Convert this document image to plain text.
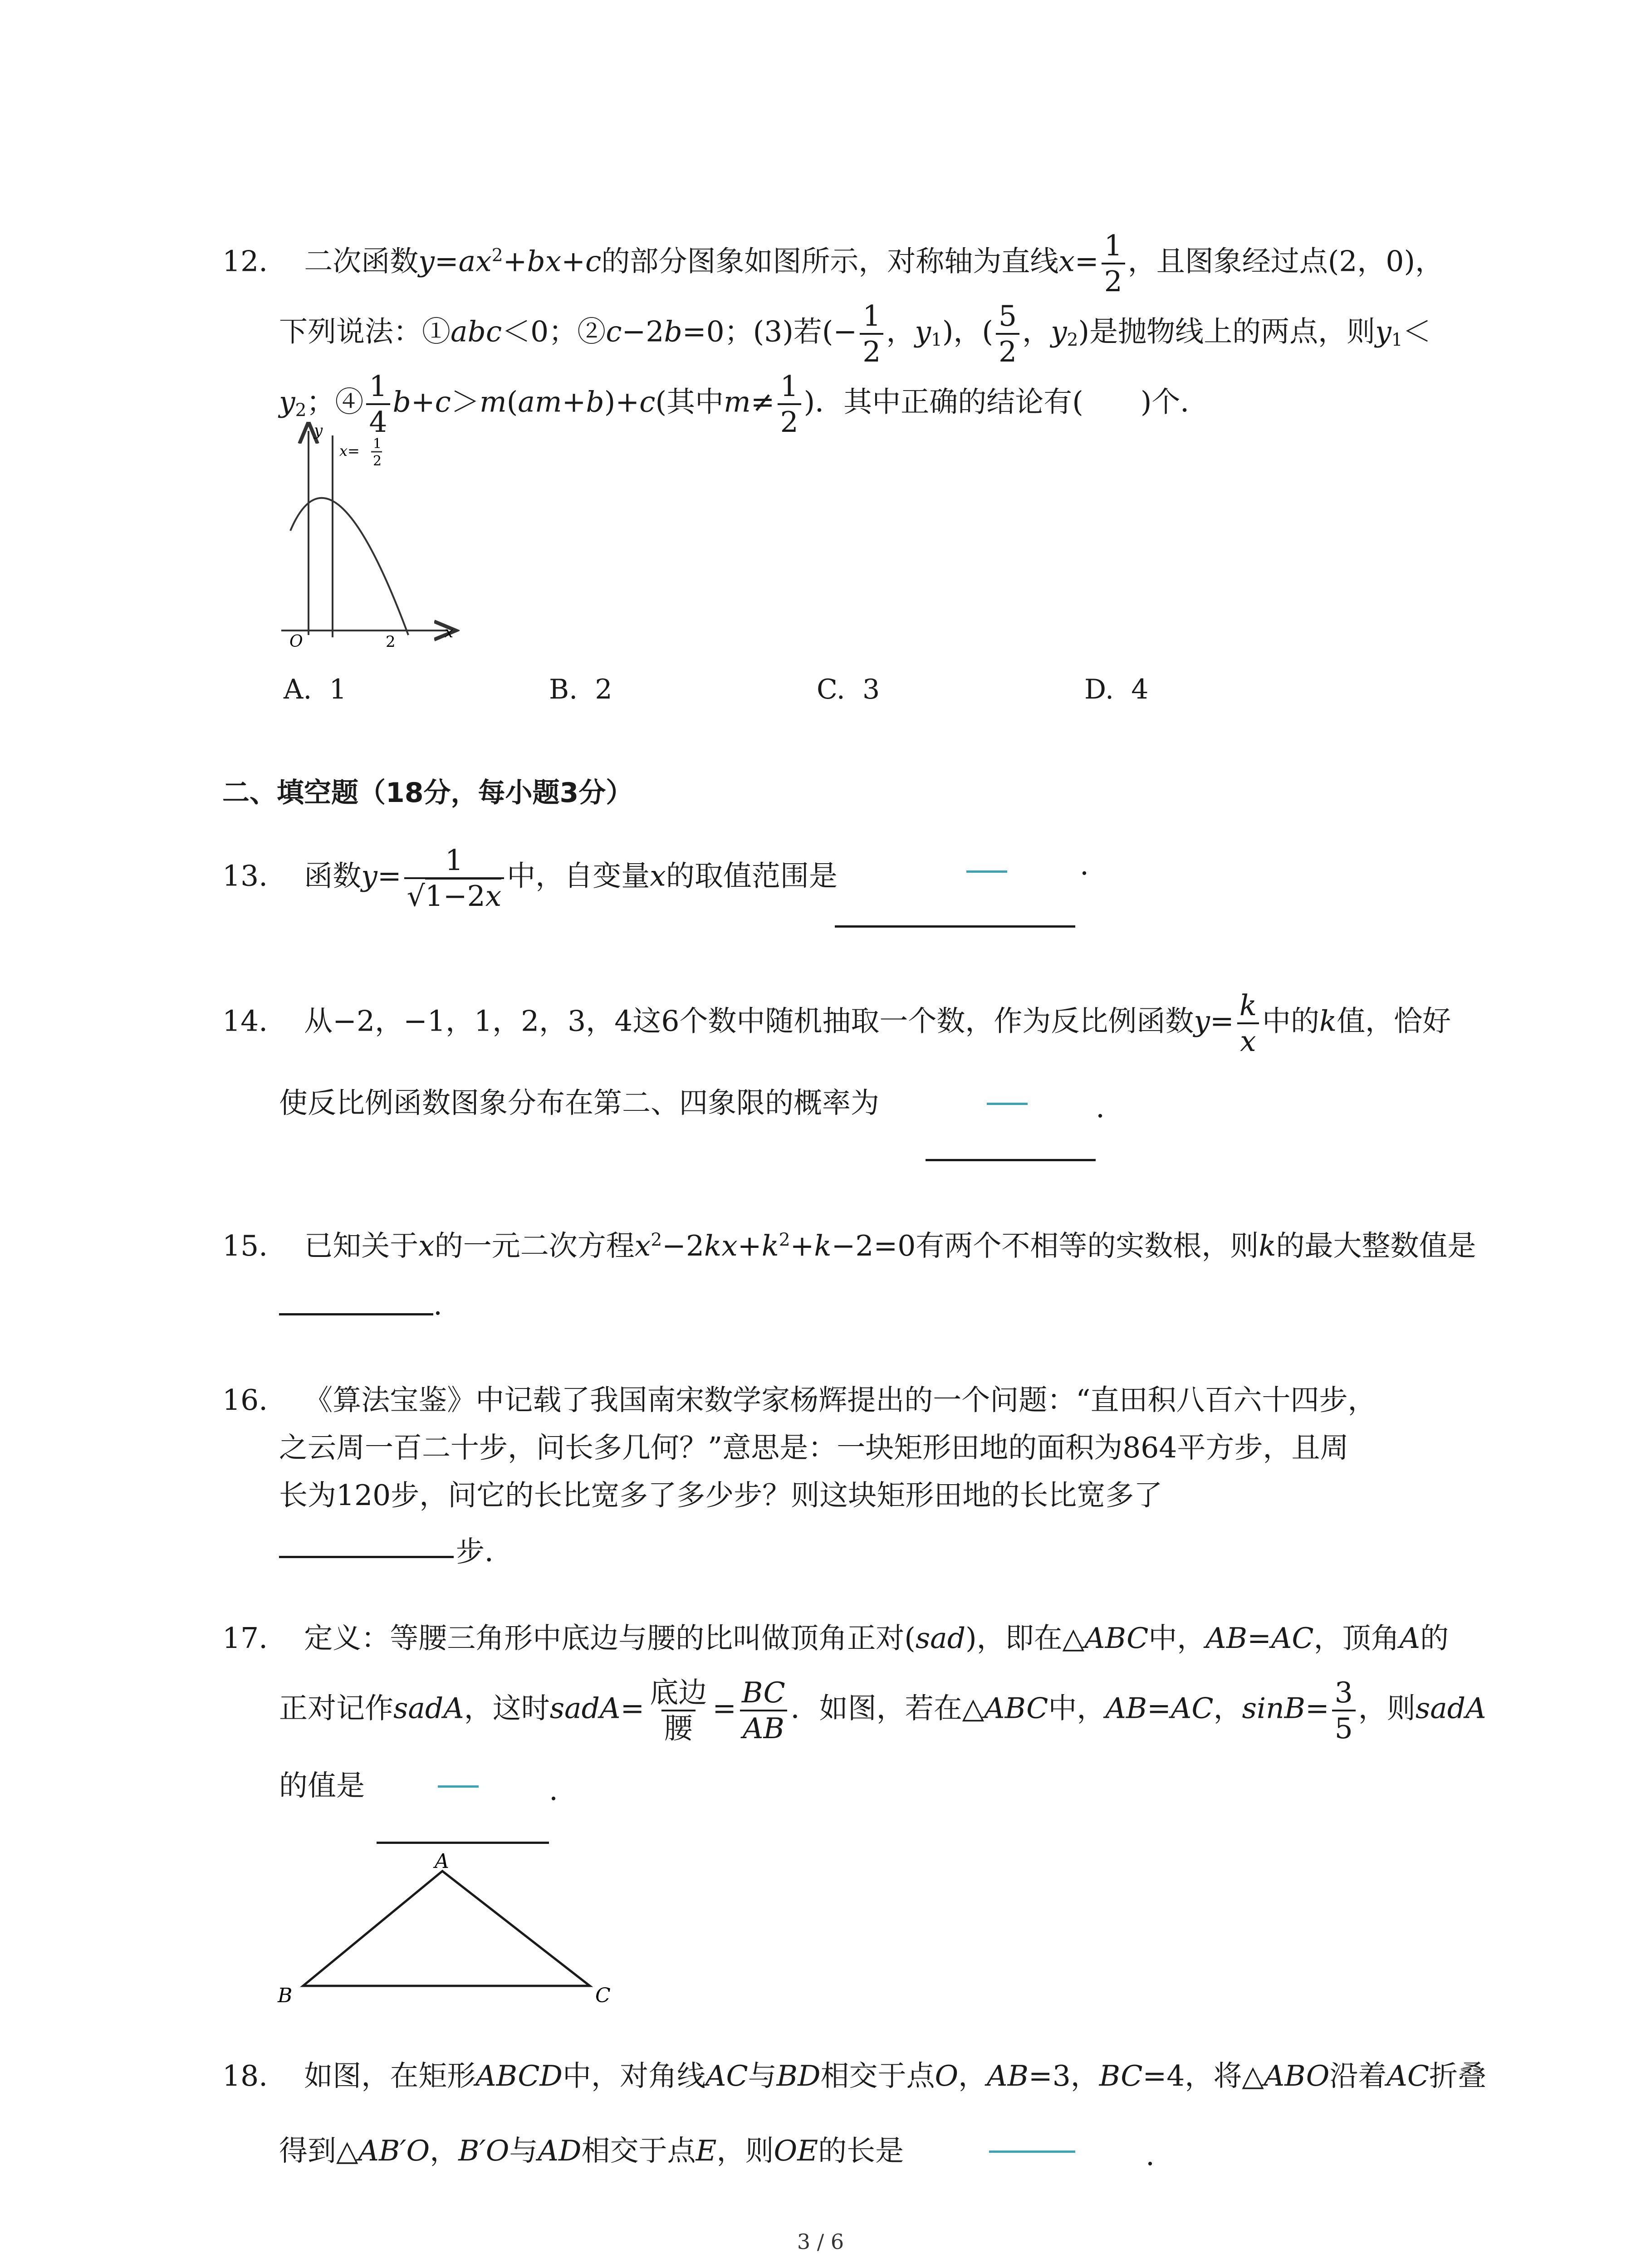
12. 二次函数$y=ax^2+bx+c$的部分图象如图所示，对称轴为直线$x= \frac{1}{2}$ ，且图象经过点(2，0)，
下列说法：①abc＜0；②c−2b=0；(3)若(− $\frac{1}{2}$ ，$y_1$)，( $\frac{5}{2}$ ，$y_2$)是抛物线上的两点，则$y_1<$
$y_2$；④ $\frac{1}{4} b+c>m(am+b)+c$(其中$m\ne \frac{1}{2}$ )．其中正确的结论有(　　)个．
y
x
O	2
x= 1
2
A. 1	B. 2	C. 3	D. 4
二、填空题（18分，每小题3分）
13. 函数$y= \frac{1}{√1-2x}$ 中，自变量x的取值范围是	.
14. 从−2，−1，1，2，3，4这6个数中随机抽取一个数，作为反比例函数$y= \frac{k}{x}$ 中的k值，恰好
使反比例函数图象分布在第二、四象限的概率为	.
15. 已知关于x的一元二次方程$x^2-2kx+k^2+k-2=0$有两个不相等的实数根，则k的最大整数值是
.
16. 《算法宝鉴》中记载了我国南宋数学家杨辉提出的一个问题：“直田积八百六十四步，
之云周一百二十步，问长多几何？”意思是：一块矩形田地的面积为864平方步，且周
长为120步，问它的长比宽多了多少步？则这块矩形田地的长比宽多了
步．
17. 定义：等腰三角形中底边与腰的比叫做顶角正对(sad)，即在△ABC中，AB=AC，顶角A的
正对记作sadA，这时sadA= $\frac{\text{底边}}{\text{腰}} = \frac{BC}{AB}$ ．如图，若在△ABC中，AB=AC，$\sin B= \frac{3}{5}$ ，则sadA
的值是	.
A
B	C
18. 如图，在矩形ABCD中，对角线AC与BD相交于点O，AB=3，BC=4，将△ABO沿着AC折叠
得到△AB′O，B′O与AD相交于点E，则OE的长是	.
3 / 6
